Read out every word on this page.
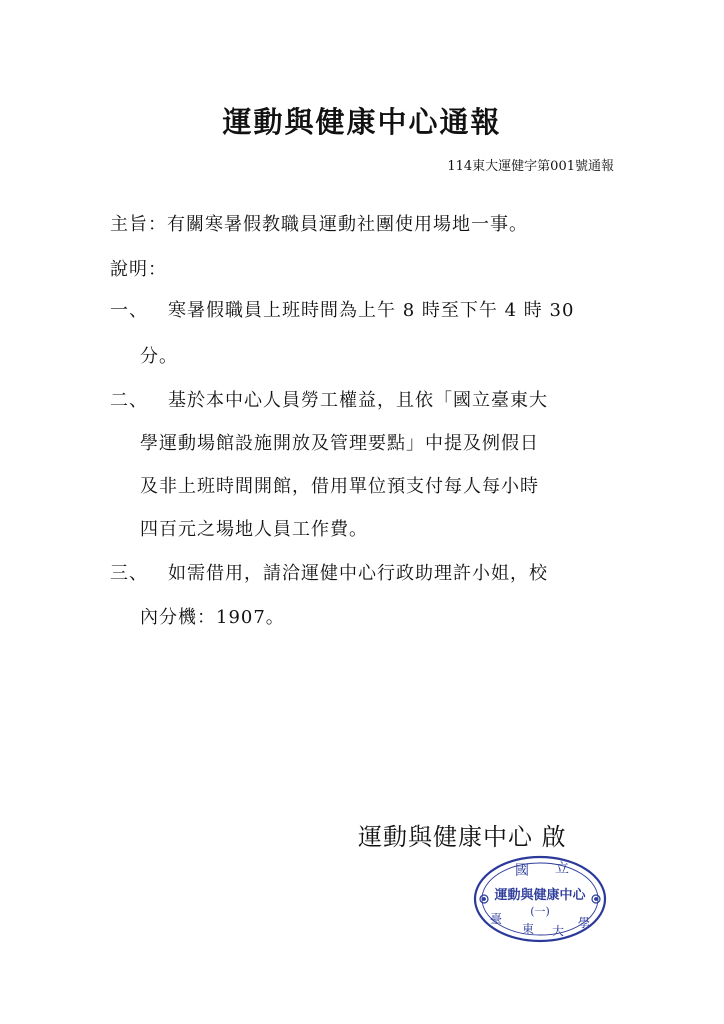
運動與健康中心通報
114東大運健字第001號通報
主旨：有關寒暑假教職員運動社團使用場地一事。
說明：
一、 寒暑假職員上班時間為上午 8 時至下午 4 時 30
分。
二、 基於本中心人員勞工權益，且依「國立臺東大
學運動場館設施開放及管理要點」中提及例假日
及非上班時間開館，借用單位預支付每人每小時
四百元之場地人員工作費。
三、 如需借用，請洽運健中心行政助理許小姐，校
內分機：1907。
運動與健康中心 啟
國 立
運動與健康中心
(一)
臺
東 大
學
